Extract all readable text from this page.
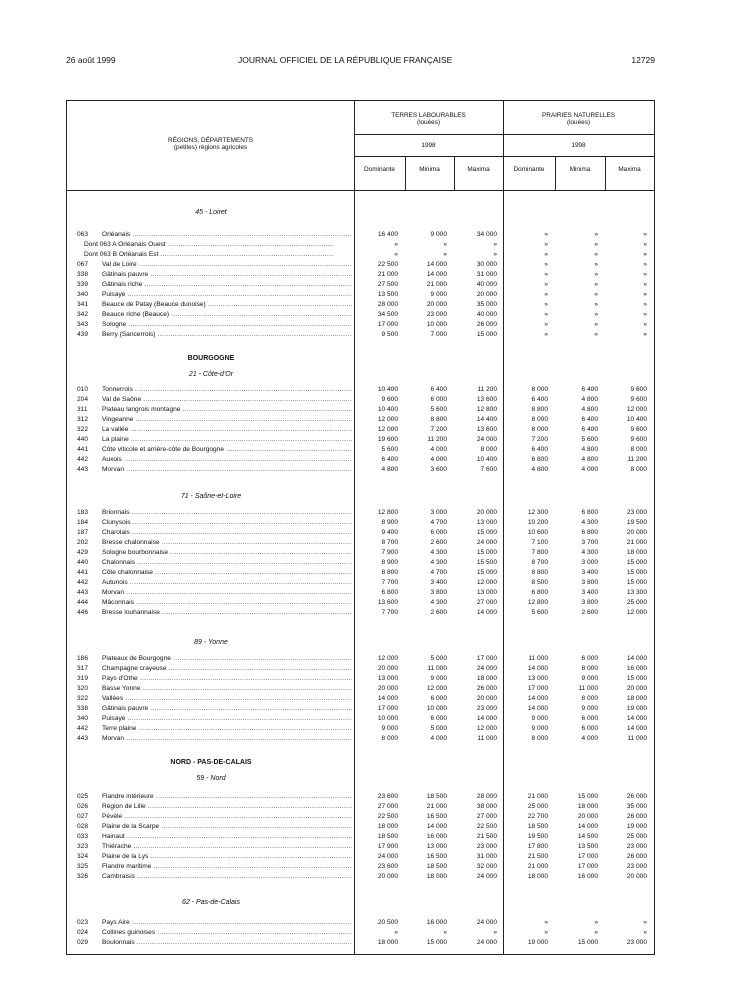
26 août 1999	JOURNAL OFFICIEL DE LA RÉPUBLIQUE FRANÇAISE	12729
RÉGIONS, DÉPARTEMENTS
(petites) régions agricoles
TERRES LABOURABLES
(louées)
PRAIRIES NATURELLES
(louées)
1998	1998
Dominante	Minima	Maxima	Dominante	Minima	Maxima
45 - Loiret
063	Orléanais .....	16 400	9 000	34 000	»	»	»
Dont 063 A Orléanais Ouest .....	»	»	»	»	»	»
Dont 063 B Orléanais Est .....	»	»	»	»	»	»
067	Val de Loire .....	22 500	14 000	30 000	»	»	»
338	Gâtinais pauvre .....	21 000	14 000	31 000	»	»	»
339	Gâtinais riche .....	27 500	21 000	40 000	»	»	»
340	Puisaye .....	13 500	9 000	20 000	»	»	»
341	Beauce de Patay (Beauce dunoise) .....	28 000	20 000	35 000	»	»	»
342	Beauce riche (Beauce) .....	34 500	23 000	40 000	»	»	»
343	Sologne .....	17 000	10 000	26 000	»	»	»
439	Berry (Sancerrois) .....	9 500	7 000	15 000	»	»	»
BOURGOGNE
21 - Côte-d'Or
010	Tonnerrois .....	10 400	6 400	11 200	8 000	6 400	9 600
204	Val de Saône .....	9 600	6 000	13 600	6 400	4 800	9 600
311	Plateau langrois montagne .....	10 400	5 600	12 800	8 800	4 800	12 000
312	Vingeanne .....	12 000	8 800	14 400	8 000	6 400	10 400
322	La vallée .....	12 000	7 200	13 600	8 000	6 400	9 600
440	La plaine .....	19 600	11 200	24 000	7 200	5 600	9 600
441	Côte viticole et arrière-côte de Bourgogne .....	5 600	4 000	8 000	6 400	4 800	8 000
442	Auxois .....	6 400	4 000	10 400	6 800	4 800	11 200
443	Morvan .....	4 800	3 600	7 600	4 800	4 000	8 000
71 - Saône-et-Loire
183	Brionnais .....	12 800	3 000	20 000	12 300	6 800	23 000
184	Clunysois .....	8 900	4 700	13 000	10 200	4 300	19 500
187	Charolais .....	9 400	6 000	15 000	10 600	6 800	20 000
202	Bresse chalonnaise .....	8 700	2 600	24 000	7 100	3 700	21 000
429	Sologne bourbonnaise .....	7 900	4 300	15 000	7 800	4 300	18 000
440	Chalonnais .....	8 900	4 300	15 500	8 700	3 000	15 000
441	Côte chalonnaise .....	8 800	4 700	15 000	8 800	3 400	15 000
442	Autunois .....	7 700	3 400	12 000	8 500	3 800	15 000
443	Morvan .....	6 800	3 800	13 000	6 800	3 400	13 300
444	Mâconnais .....	13 600	4 300	27 000	12 800	3 800	25 000
446	Bresse louhannaise .....	7 700	2 600	14 000	5 600	2 600	12 000
89 - Yonne
186	Plateaux de Bourgogne .....	12 000	5 000	17 000	11 000	6 000	14 000
317	Champagne crayeuse .....	20 000	11 000	24 000	14 000	8 000	16 000
319	Pays d'Othe .....	13 000	9 000	18 000	13 000	9 000	15 000
320	Basse Yonne .....	20 000	12 000	26 000	17 000	11 000	20 000
322	Vallées .....	14 000	6 000	20 000	14 000	8 000	18 000
338	Gâtinais pauvre .....	17 000	10 000	23 000	14 000	9 000	19 000
340	Puisaye .....	10 000	6 000	14 000	9 000	6 000	14 000
442	Terre plaine .....	9 000	5 000	12 000	9 000	6 000	14 000
443	Morvan .....	8 000	4 000	11 000	8 000	4 000	11 000
NORD - PAS-DE-CALAIS
59 - Nord
025	Flandre intérieure .....	23 600	18 500	28 000	21 000	15 000	26 000
026	Région de Lille .....	27 000	21 000	38 000	25 000	18 000	35 000
027	Pévèle .....	22 500	16 500	27 000	22 700	20 000	26 000
028	Plaine de la Scarpe .....	18 000	14 000	22 500	18 500	14 000	19 000
033	Hainaut .....	18 500	16 000	21 500	19 500	14 500	25 000
323	Thiérache .....	17 900	13 000	23 000	17 800	13 500	23 000
324	Plaine de la Lys .....	24 000	16 500	31 000	21 500	17 000	26 000
325	Flandre maritime .....	23 600	18 500	32 000	21 000	17 000	23 000
326	Cambraisis .....	20 000	18 000	24 000	18 000	16 000	20 000
62 - Pas-de-Calais
023	Pays Aire .....	20 500	16 000	24 000	»	»	»
024	Collines guinoises .....	»	»	»	»	»	»
029	Boulonnais .....	18 000	15 000	24 000	19 000	15 000	23 000
